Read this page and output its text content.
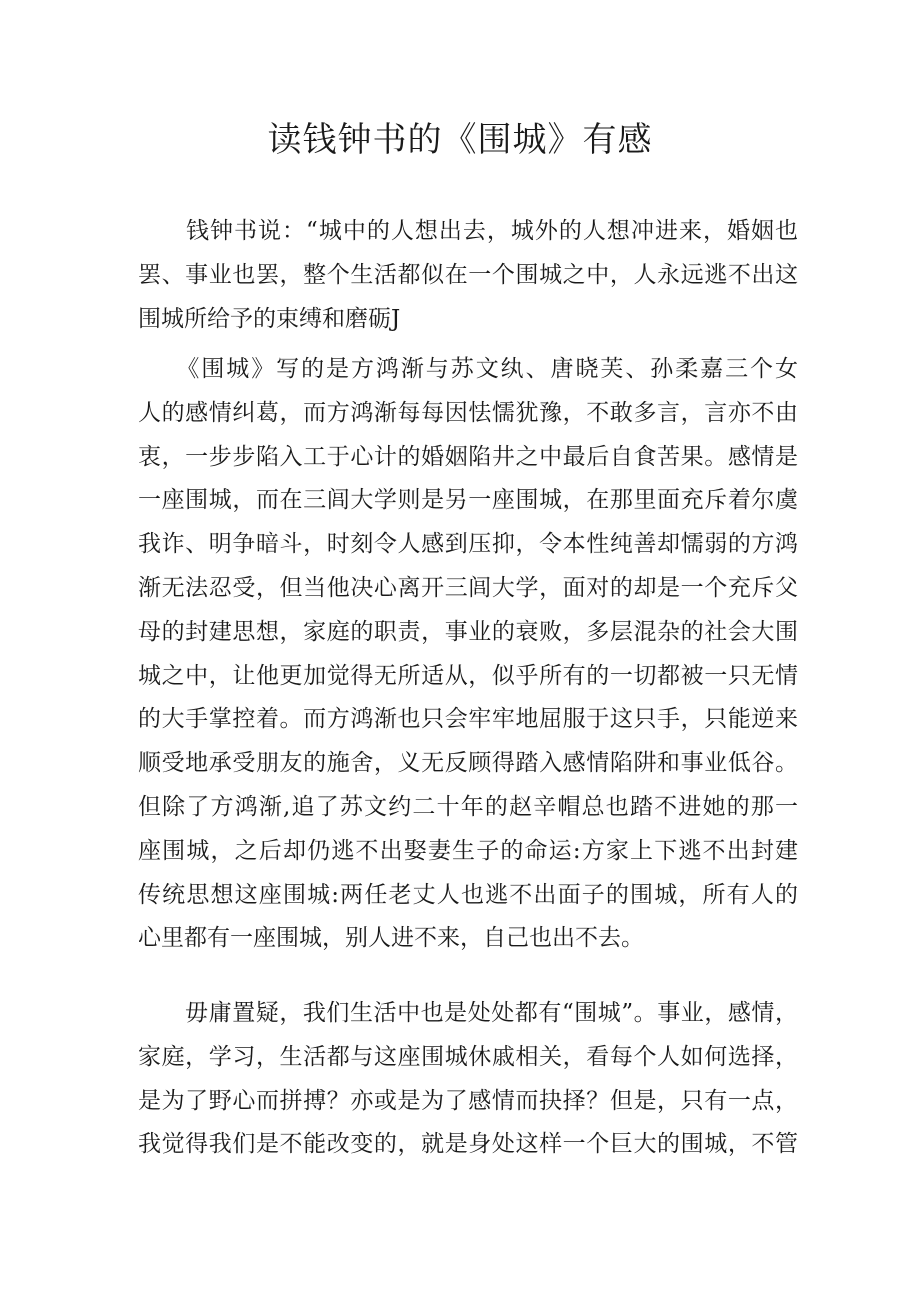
读钱钟书的《围城》有感
　　钱钟书说：“城中的人想出去，城外的人想冲进来，婚姻也
罢、事业也罢，整个生活都似在一个围城之中，人永远逃不出这
围城所给予的束缚和磨砺J
　　《围城》写的是方鸿渐与苏文纨、唐晓芙、孙柔嘉三个女
人的感情纠葛，而方鸿渐每每因怯懦犹豫，不敢多言，言亦不由
衷，一步步陷入工于心计的婚姻陷井之中最后自食苦果。感情是
一座围城，而在三闾大学则是另一座围城，在那里面充斥着尔虞
我诈、明争暗斗，时刻令人感到压抑，令本性纯善却懦弱的方鸿
渐无法忍受，但当他决心离开三闾大学，面对的却是一个充斥父
母的封建思想，家庭的职责，事业的衰败，多层混杂的社会大围
城之中，让他更加觉得无所适从，似乎所有的一切都被一只无情
的大手掌控着。而方鸿渐也只会牢牢地屈服于这只手，只能逆来
顺受地承受朋友的施舍，义无反顾得踏入感情陷阱和事业低谷。
但除了方鸿渐,追了苏文约二十年的赵辛帽总也踏不进她的那一
座围城，之后却仍逃不出娶妻生子的命运:方家上下逃不出封建
传统思想这座围城:两任老丈人也逃不出面子的围城，所有人的
心里都有一座围城，别人进不来，自己也出不去。
　　毋庸置疑，我们生活中也是处处都有“围城”。事业，感情，
家庭，学习，生活都与这座围城休戚相关，看每个人如何选择，
是为了野心而拼搏？亦或是为了感情而抉择？但是，只有一点，
我觉得我们是不能改变的，就是身处这样一个巨大的围城，不管
